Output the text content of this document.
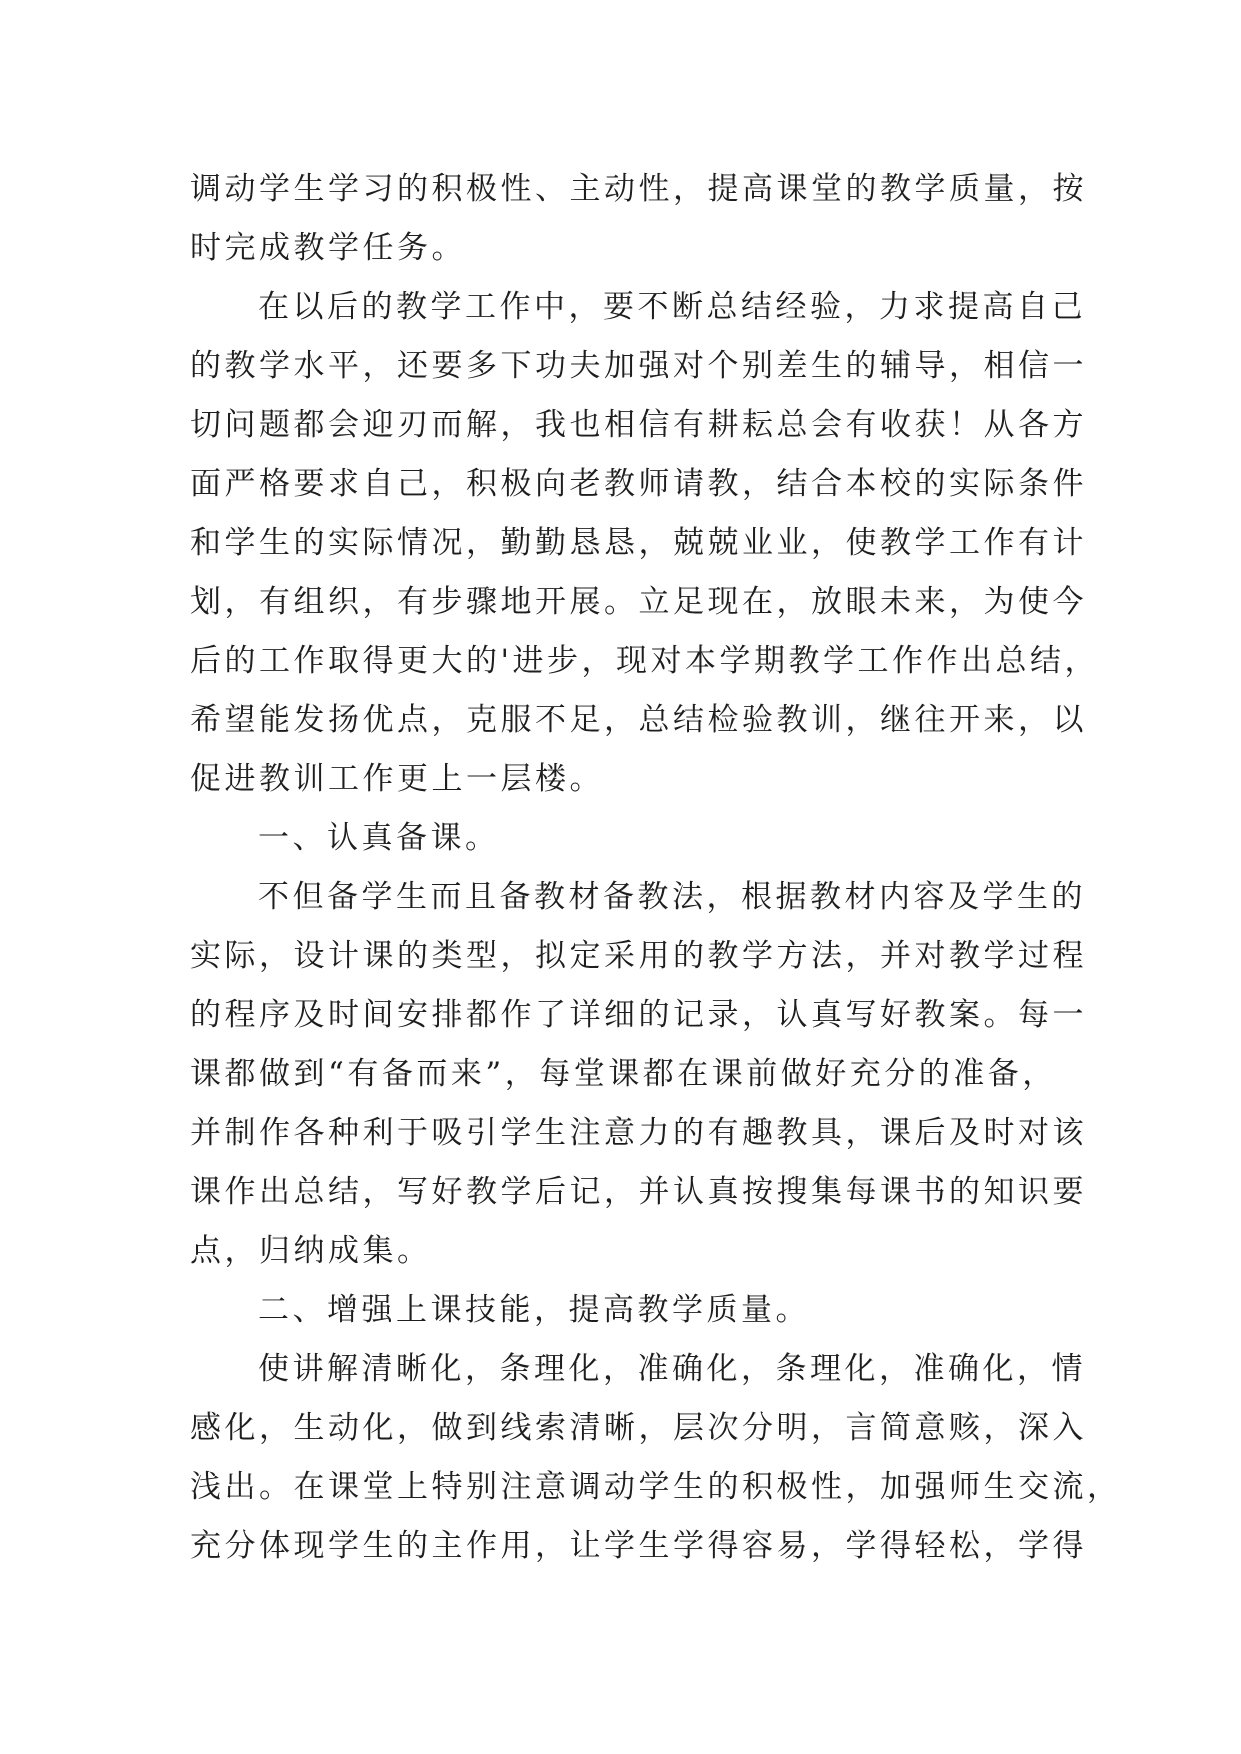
调动学生学习的积极性、主动性，提高课堂的教学质量，按
时完成教学任务。
在以后的教学工作中，要不断总结经验，力求提高自己
的教学水平，还要多下功夫加强对个别差生的辅导，相信一
切问题都会迎刃而解，我也相信有耕耘总会有收获！从各方
面严格要求自己，积极向老教师请教，结合本校的实际条件
和学生的实际情况，勤勤恳恳，兢兢业业，使教学工作有计
划，有组织，有步骤地开展。立足现在，放眼未来，为使今
后的工作取得更大的'进步，现对本学期教学工作作出总结，
希望能发扬优点，克服不足，总结检验教训，继往开来，以
促进教训工作更上一层楼。
一、认真备课。
不但备学生而且备教材备教法，根据教材内容及学生的
实际，设计课的类型，拟定采用的教学方法，并对教学过程
的程序及时间安排都作了详细的记录，认真写好教案。每一
课都做到“有备而来”，每堂课都在课前做好充分的准备，
并制作各种利于吸引学生注意力的有趣教具，课后及时对该
课作出总结，写好教学后记，并认真按搜集每课书的知识要
点，归纳成集。
二、增强上课技能，提高教学质量。
使讲解清晰化，条理化，准确化，条理化，准确化，情
感化，生动化，做到线索清晰，层次分明，言简意赅，深入
浅出。在课堂上特别注意调动学生的积极性，加强师生交流，
充分体现学生的主作用，让学生学得容易，学得轻松，学得
